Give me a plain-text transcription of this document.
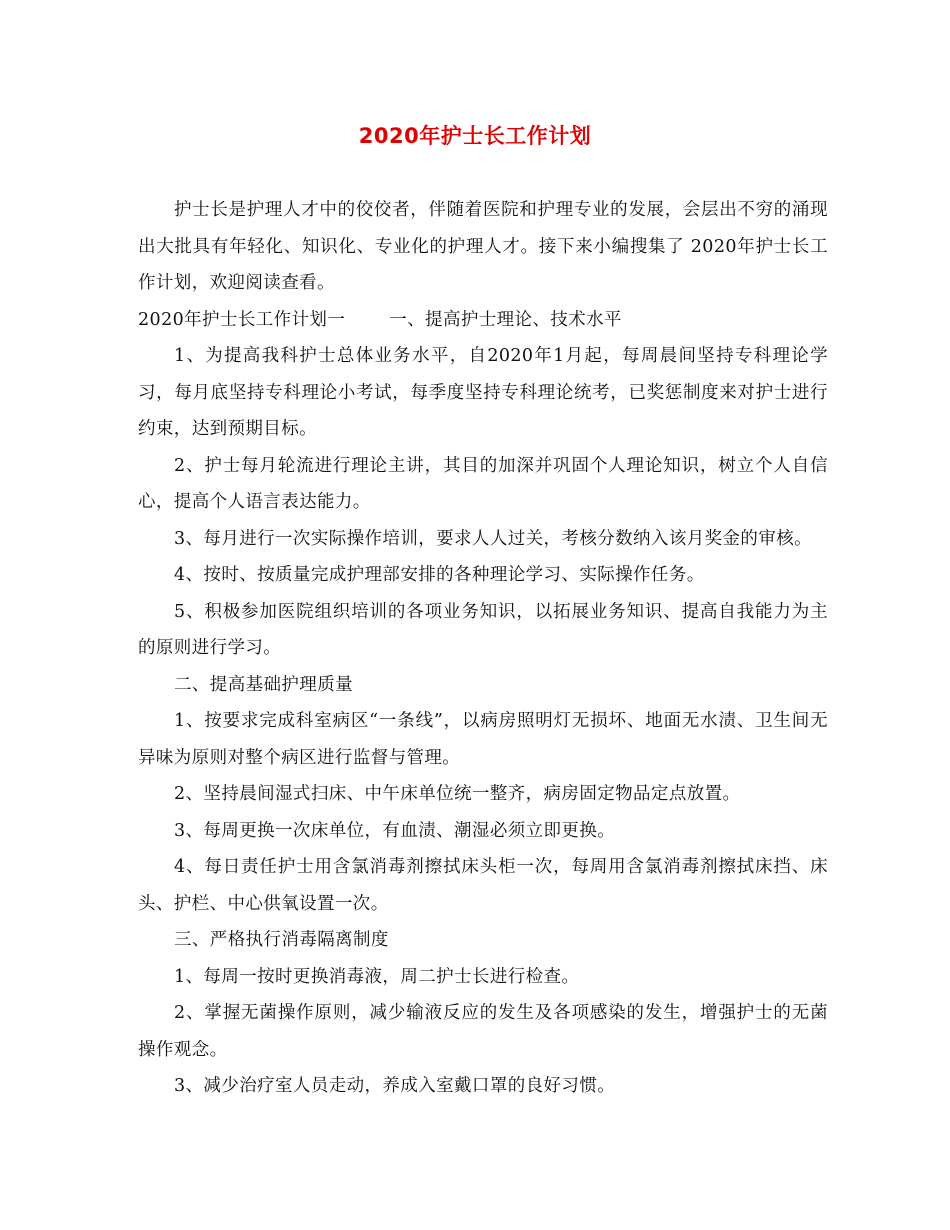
2020年护士长工作计划

护士长是护理人才中的佼佼者，伴随着医院和护理专业的发展，会层出不穷的涌现出大批具有年轻化、知识化、专业化的护理人才。接下来小编搜集了 2020年护士长工作计划，欢迎阅读查看。

2020年护士长工作计划一	一、提高护士理论、技术水平

1、为提高我科护士总体业务水平，自2020年1月起，每周晨间坚持专科理论学习，每月底坚持专科理论小考试，每季度坚持专科理论统考，已奖惩制度来对护士进行约束，达到预期目标。

2、护士每月轮流进行理论主讲，其目的加深并巩固个人理论知识，树立个人自信心，提高个人语言表达能力。

3、每月进行一次实际操作培训，要求人人过关，考核分数纳入该月奖金的审核。

4、按时、按质量完成护理部安排的各种理论学习、实际操作任务。

5、积极参加医院组织培训的各项业务知识，以拓展业务知识、提高自我能力为主的原则进行学习。

二、提高基础护理质量

1、按要求完成科室病区“一条线”，以病房照明灯无损坏、地面无水渍、卫生间无异味为原则对整个病区进行监督与管理。

2、坚持晨间湿式扫床、中午床单位统一整齐，病房固定物品定点放置。

3、每周更换一次床单位，有血渍、潮湿必须立即更换。

4、每日责任护士用含氯消毒剂擦拭床头柜一次，每周用含氯消毒剂擦拭床挡、床头、护栏、中心供氧设置一次。

三、严格执行消毒隔离制度

1、每周一按时更换消毒液，周二护士长进行检查。

2、掌握无菌操作原则，减少输液反应的发生及各项感染的发生，增强护士的无菌操作观念。

3、减少治疗室人员走动，养成入室戴口罩的良好习惯。
